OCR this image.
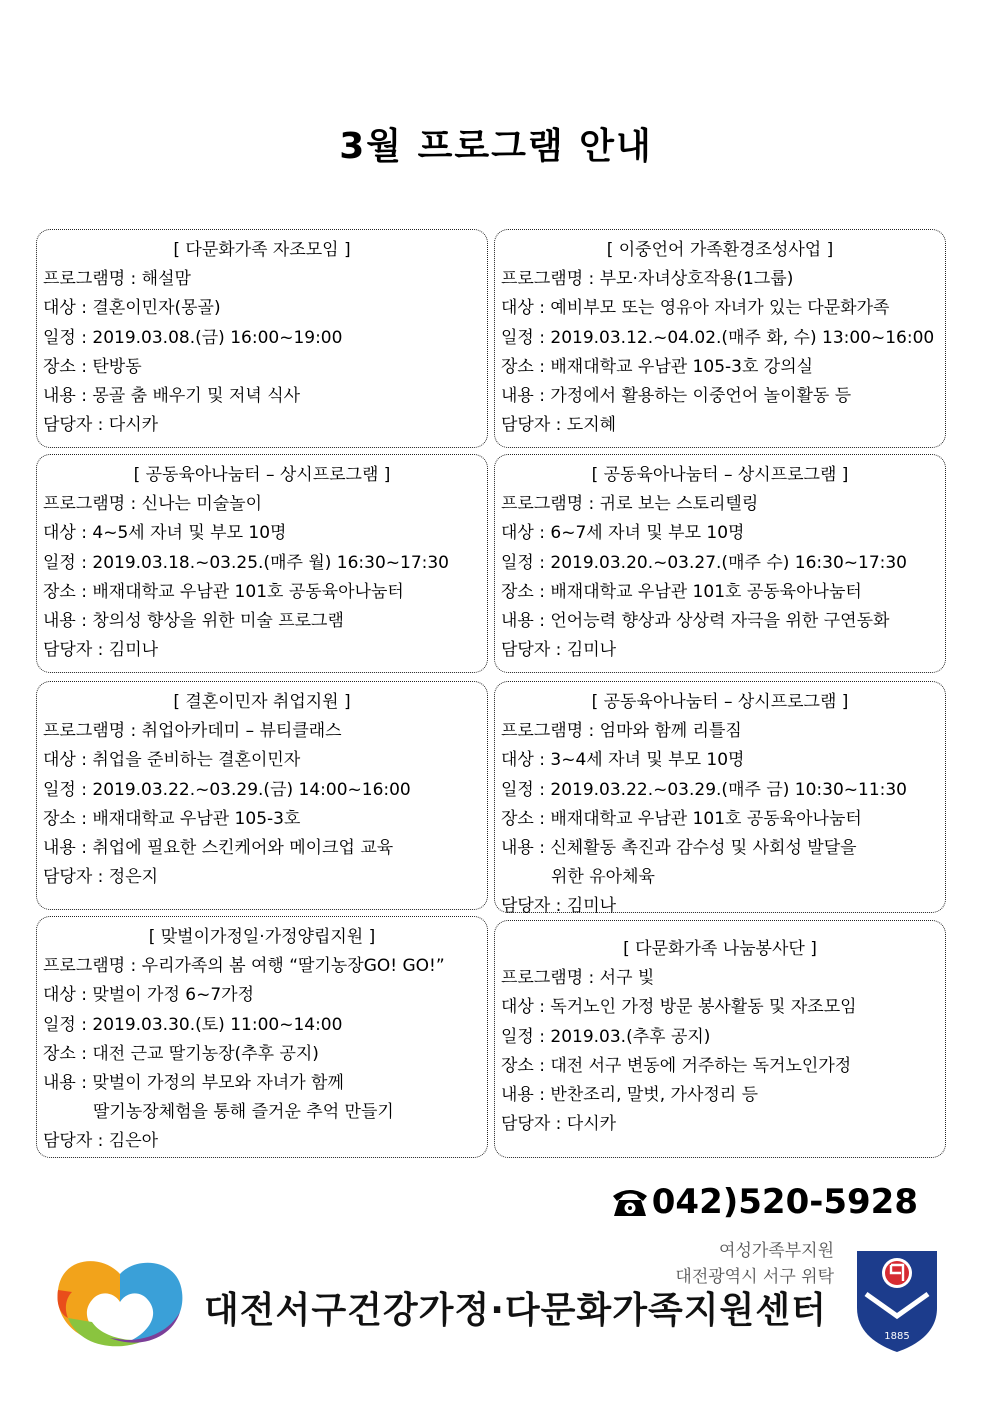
3월 프로그램 안내
[ 다문화가족 자조모임 ]
프로그램명 : 해설맘
대상 : 결혼이민자(몽골)
일정 : 2019.03.08.(금) 16:00~19:00
장소 : 탄방동
내용 : 몽골 춤 배우기 및 저녁 식사
담당자 : 다시카
[ 이중언어 가족환경조성사업 ]
프로그램명 : 부모·자녀상호작용(1그룹)
대상 : 예비부모 또는 영유아 자녀가 있는 다문화가족
일정 : 2019.03.12.~04.02.(매주 화, 수) 13:00~16:00
장소 : 배재대학교 우남관 105-3호 강의실
내용 : 가정에서 활용하는 이중언어 놀이활동 등
담당자 : 도지혜
[ 공동육아나눔터 – 상시프로그램 ]
프로그램명 : 신나는 미술놀이
대상 : 4~5세 자녀 및 부모 10명
일정 : 2019.03.18.~03.25.(매주 월) 16:30~17:30
장소 : 배재대학교 우남관 101호 공동육아나눔터
내용 : 창의성 향상을 위한 미술 프로그램
담당자 : 김미나
[ 공동육아나눔터 – 상시프로그램 ]
프로그램명 : 귀로 보는 스토리텔링
대상 : 6~7세 자녀 및 부모 10명
일정 : 2019.03.20.~03.27.(매주 수) 16:30~17:30
장소 : 배재대학교 우남관 101호 공동육아나눔터
내용 : 언어능력 향상과 상상력 자극을 위한 구연동화
담당자 : 김미나
[ 결혼이민자 취업지원 ]
프로그램명 : 취업아카데미 – 뷰티클래스
대상 : 취업을 준비하는 결혼이민자
일정 : 2019.03.22.~03.29.(금) 14:00~16:00
장소 : 배재대학교 우남관 105-3호
내용 : 취업에 필요한 스킨케어와 메이크업 교육
담당자 : 정은지
[ 공동육아나눔터 – 상시프로그램 ]
프로그램명 : 엄마와 함께 리틀짐
대상 : 3~4세 자녀 및 부모 10명
일정 : 2019.03.22.~03.29.(매주 금) 10:30~11:30
장소 : 배재대학교 우남관 101호 공동육아나눔터
내용 : 신체활동 촉진과 감수성 및 사회성 발달을
위한 유아체육
담당자 : 김미나
[ 맞벌이가정일·가정양립지원 ]
프로그램명 : 우리가족의 봄 여행 “딸기농장GO! GO!”
대상 : 맞벌이 가정 6~7가정
일정 : 2019.03.30.(토) 11:00~14:00
장소 : 대전 근교 딸기농장(추후 공지)
내용 : 맞벌이 가정의 부모와 자녀가 함께
딸기농장체험을 통해 즐거운 추억 만들기
담당자 : 김은아
[ 다문화가족 나눔봉사단 ]
프로그램명 : 서구 빛
대상 : 독거노인 가정 방문 봉사활동 및 자조모임
일정 : 2019.03.(추후 공지)
장소 : 대전 서구 변동에 거주하는 독거노인가정
내용 : 반찬조리, 말벗, 가사정리 등
담당자 : 다시카
042)520-5928
여성가족부지원
대전광역시 서구 위탁
대전서구건강가정·다문화가족지원센터
1885
